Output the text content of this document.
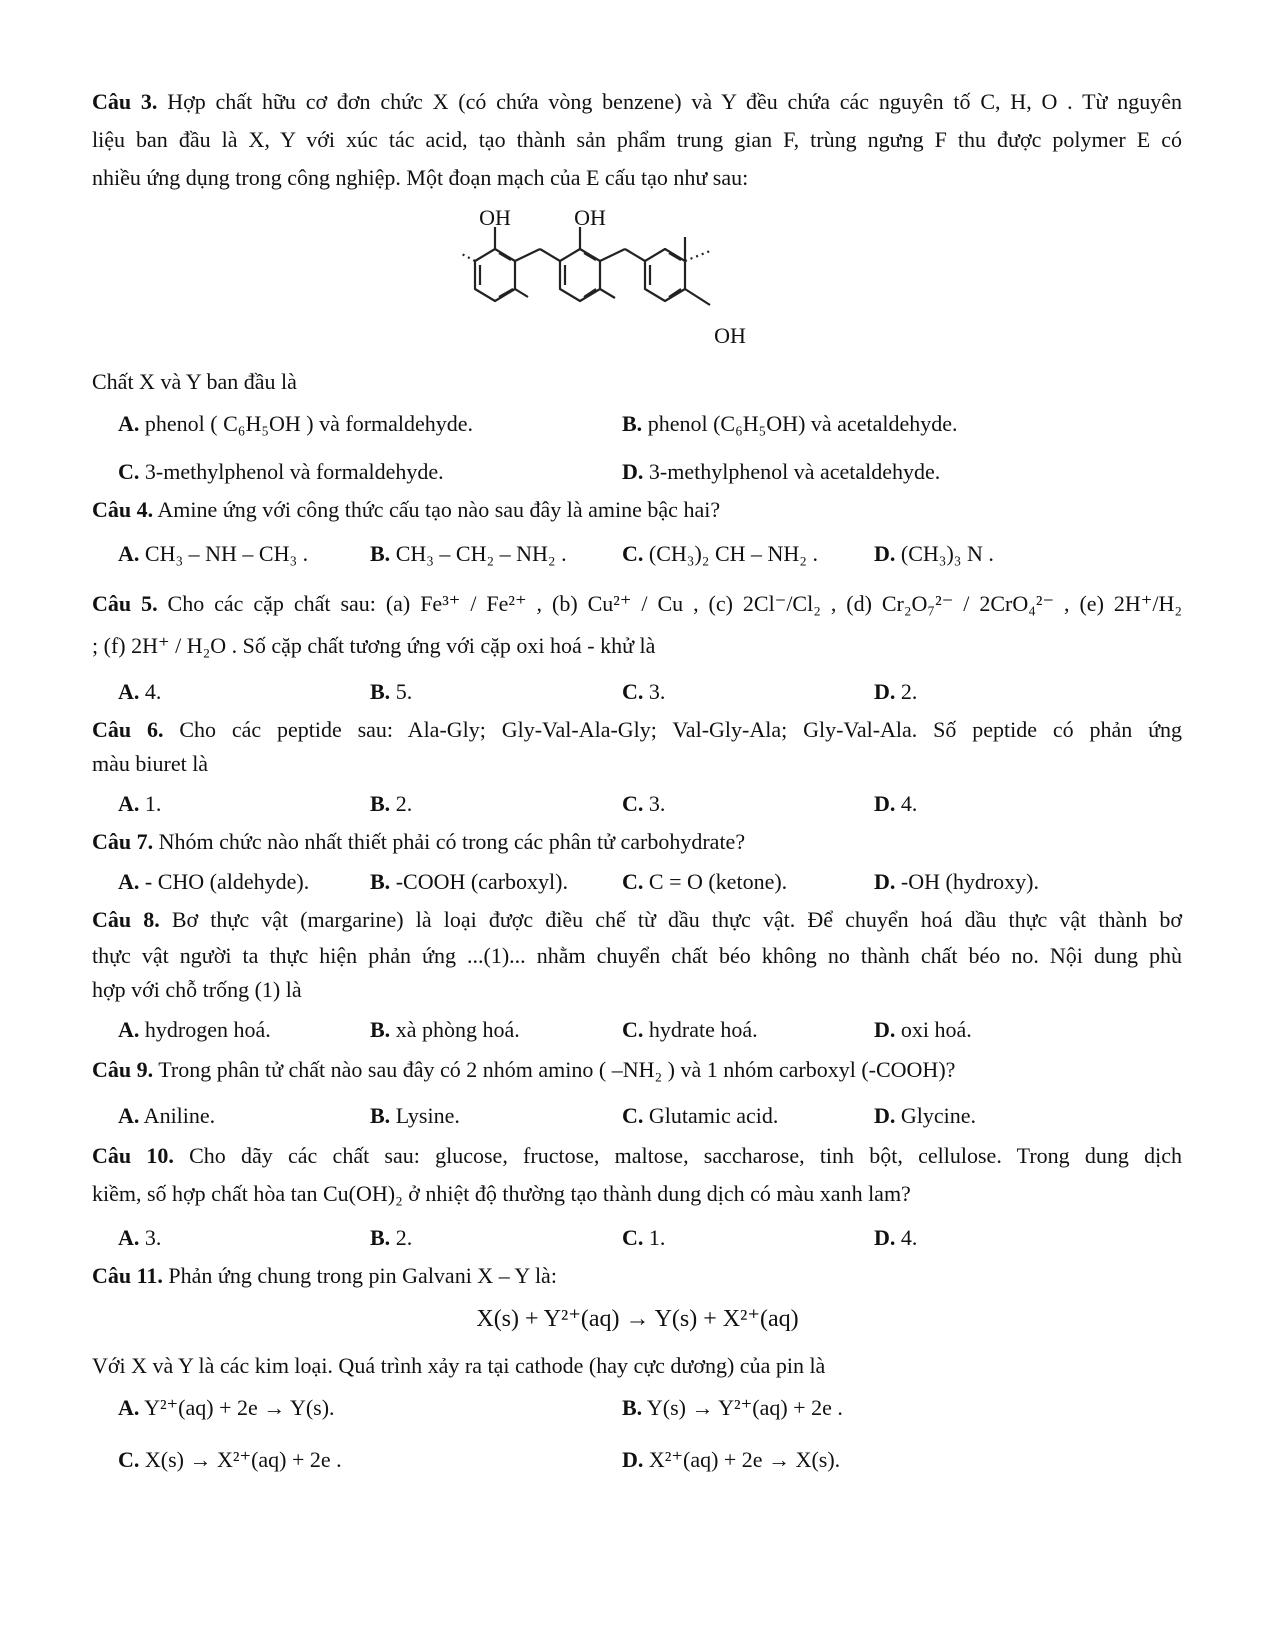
Câu 3. Hợp chất hữu cơ đơn chức X (có chứa vòng benzene) và Y đều chứa các nguyên tố C, H, O . Từ nguyên
liệu ban đầu là X, Y với xúc tác acid, tạo thành sản phẩm trung gian F, trùng ngưng F thu được polymer E có
nhiều ứng dụng trong công nghiệp. Một đoạn mạch của E cấu tạo như sau:
OH	OH
OH
Chất X và Y ban đầu là
A. phenol ( C₆H₅OH ) và formaldehyde.	B. phenol (C₆H₅OH) và acetaldehyde.
C. 3-methylphenol và formaldehyde.	D. 3-methylphenol và acetaldehyde.
Câu 4. Amine ứng với công thức cấu tạo nào sau đây là amine bậc hai?
A. CH₃ – NH – CH₃ .	B. CH₃ – CH₂ – NH₂ .	C. (CH₃)₂ CH – NH₂ .	D. (CH₃)₃ N .
Câu 5. Cho các cặp chất sau: (a) Fe³⁺ / Fe²⁺ , (b) Cu²⁺ / Cu , (c) 2Cl⁻/Cl₂ , (d) Cr₂O₇²⁻ / 2CrO₄²⁻ , (e) 2H⁺/H₂
; (f) 2H⁺ / H₂O . Số cặp chất tương ứng với cặp oxi hoá - khử là
A. 4.	B. 5.	C. 3.	D. 2.
Câu 6. Cho các peptide sau: Ala-Gly; Gly-Val-Ala-Gly; Val-Gly-Ala; Gly-Val-Ala. Số peptide có phản ứng
màu biuret là
A. 1.	B. 2.	C. 3.	D. 4.
Câu 7. Nhóm chức nào nhất thiết phải có trong các phân tử carbohydrate?
A. - CHO (aldehyde).	B. -COOH (carboxyl). C. C = O (ketone).	D. -OH (hydroxy).
Câu 8. Bơ thực vật (margarine) là loại được điều chế từ dầu thực vật. Để chuyển hoá dầu thực vật thành bơ
thực vật người ta thực hiện phản ứng ...(1)... nhằm chuyển chất béo không no thành chất béo no. Nội dung phù
hợp với chỗ trống (1) là
A. hydrogen hoá.	B. xà phòng hoá.	C. hydrate hoá.	D. oxi hoá.
Câu 9. Trong phân tử chất nào sau đây có 2 nhóm amino ( –NH₂ ) và 1 nhóm carboxyl (-COOH)?
A. Aniline.	B. Lysine.	C. Glutamic acid.	D. Glycine.
Câu 10. Cho dãy các chất sau: glucose, fructose, maltose, saccharose, tinh bột, cellulose. Trong dung dịch
kiềm, số hợp chất hòa tan Cu(OH)₂ ở nhiệt độ thường tạo thành dung dịch có màu xanh lam?
A. 3.	B. 2.	C. 1.	D. 4.
Câu 11. Phản ứng chung trong pin Galvani X – Y là:
X(s) + Y²⁺(aq) → Y(s) + X²⁺(aq)
Với X và Y là các kim loại. Quá trình xảy ra tại cathode (hay cực dương) của pin là
A. Y²⁺(aq) + 2e → Y(s).	B. Y(s) → Y²⁺(aq) + 2e .
C. X(s) → X²⁺(aq) + 2e .	D. X²⁺(aq) + 2e → X(s).
